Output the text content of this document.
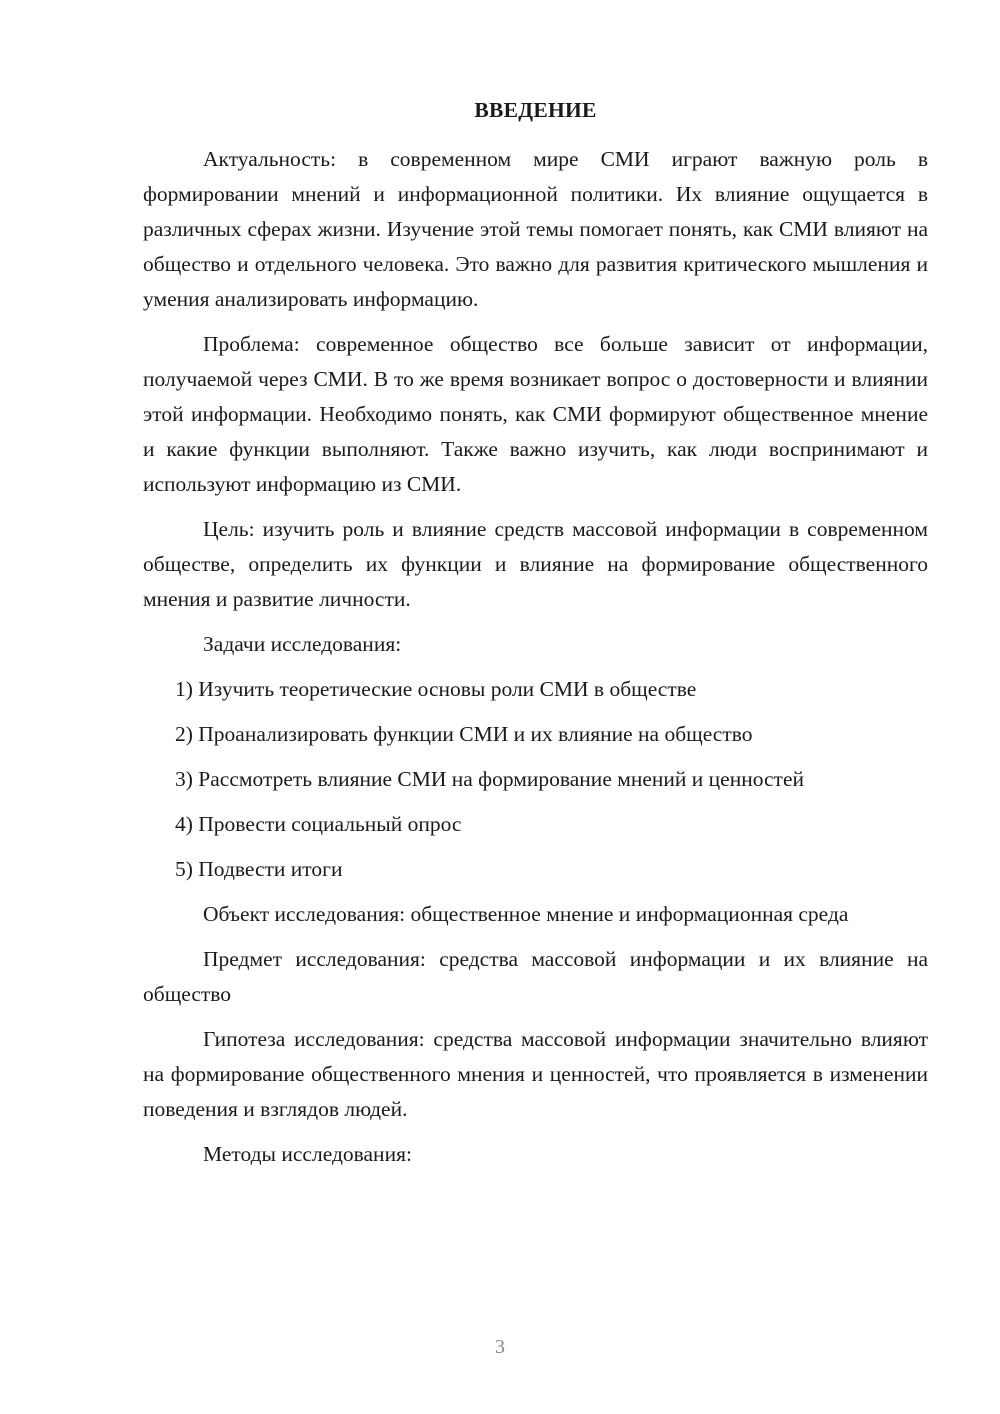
ВВЕДЕНИЕ

Актуальность: в современном мире СМИ играют важную роль в формировании мнений и информационной политики. Их влияние ощущается в различных сферах жизни. Изучение этой темы помогает понять, как СМИ влияют на общество и отдельного человека. Это важно для развития критического мышления и умения анализировать информацию.

Проблема: современное общество все больше зависит от информации, получаемой через СМИ. В то же время возникает вопрос о достоверности и влиянии этой информации. Необходимо понять, как СМИ формируют общественное мнение и какие функции выполняют. Также важно изучить, как люди воспринимают и используют информацию из СМИ.

Цель: изучить роль и влияние средств массовой информации в современном обществе, определить их функции и влияние на формирование общественного мнения и развитие личности.

Задачи исследования:

1) Изучить теоретические основы роли СМИ в обществе

2) Проанализировать функции СМИ и их влияние на общество

3) Рассмотреть влияние СМИ на формирование мнений и ценностей

4) Провести социальный опрос

5) Подвести итоги

Объект исследования: общественное мнение и информационная среда

Предмет исследования: средства массовой информации и их влияние на общество

Гипотеза исследования: средства массовой информации значительно влияют на формирование общественного мнения и ценностей, что проявляется в изменении поведения и взглядов людей.

Методы исследования:

3
